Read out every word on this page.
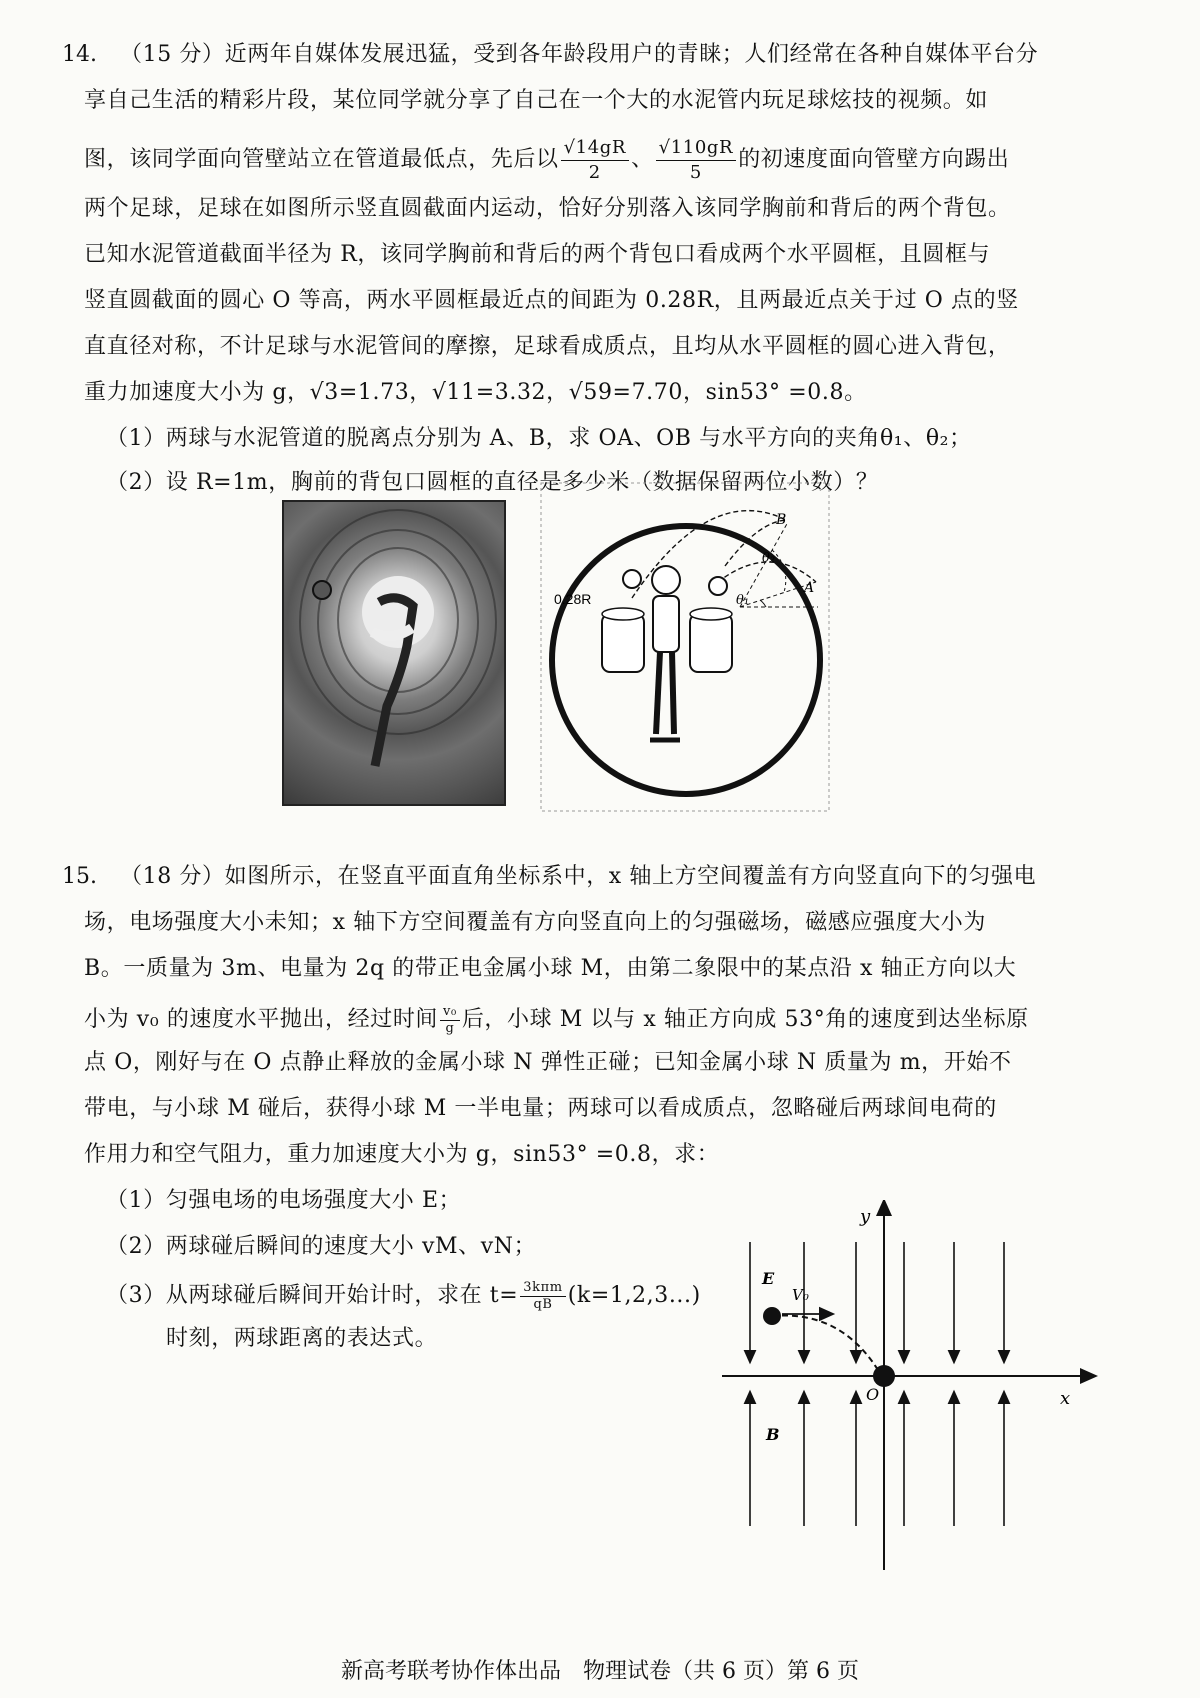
14. （15 分）近两年自媒体发展迅猛，受到各年龄段用户的青睐；人们经常在各种自媒体平台分
享自己生活的精彩片段，某位同学就分享了自己在一个大的水泥管内玩足球炫技的视频。如
图，该同学面向管壁站立在管道最低点，先后以 $\frac{√14gR}{2}$ 、 $\frac{√110gR}{5}$ 的初速度面向管壁方向踢出
两个足球，足球在如图所示竖直圆截面内运动，恰好分别落入该同学胸前和背后的两个背包。
已知水泥管道截面半径为 R，该同学胸前和背后的两个背包口看成两个水平圆框，且圆框与
竖直圆截面的圆心 O 等高，两水平圆框最近点的间距为 0.28R，且两最近点关于过 O 点的竖
直直径对称，不计足球与水泥管间的摩擦，足球看成质点，且均从水平圆框的圆心进入背包，
重力加速度大小为 g，√3=1.73，√11=3.32，√59=7.70，sin53° =0.8。
（1）两球与水泥管道的脱离点分别为 A、B，求 OA、OB 与水平方向的夹角θ₁、θ₂；
（2）设 R=1m，胸前的背包口圆框的直径是多少米（数据保留两位小数）？
B
A
θ₂
θ₁
0.28R
15. （18 分）如图所示，在竖直平面直角坐标系中，x 轴上方空间覆盖有方向竖直向下的匀强电
场，电场强度大小未知；x 轴下方空间覆盖有方向竖直向上的匀强磁场，磁感应强度大小为
B。一质量为 3m、电量为 2q 的带正电金属小球 M，由第二象限中的某点沿 x 轴正方向以大
小为 v₀ 的速度水平抛出，经过时间 $\frac{\text{v₀}}{g}$ 后，小球 M 以与 x 轴正方向成 53°角的速度到达坐标原
点 O，刚好与在 O 点静止释放的金属小球 N 弹性正碰；已知金属小球 N 质量为 m，开始不
带电，与小球 M 碰后，获得小球 M 一半电量；两球可以看成质点，忽略碰后两球间电荷的
作用力和空气阻力，重力加速度大小为 g，sin53° =0.8，求：
（1）匀强电场的电场强度大小 E；
（2）两球碰后瞬间的速度大小 vM、vN；
（3）从两球碰后瞬间开始计时，求在 $t= \frac{\text{3kπm}}{qB} (k=1,2,3...)$
时刻，两球距离的表达式。
y
x
O
E
B
V₀
新高考联考协作体出品　物理试卷（共 6 页）第 6 页
